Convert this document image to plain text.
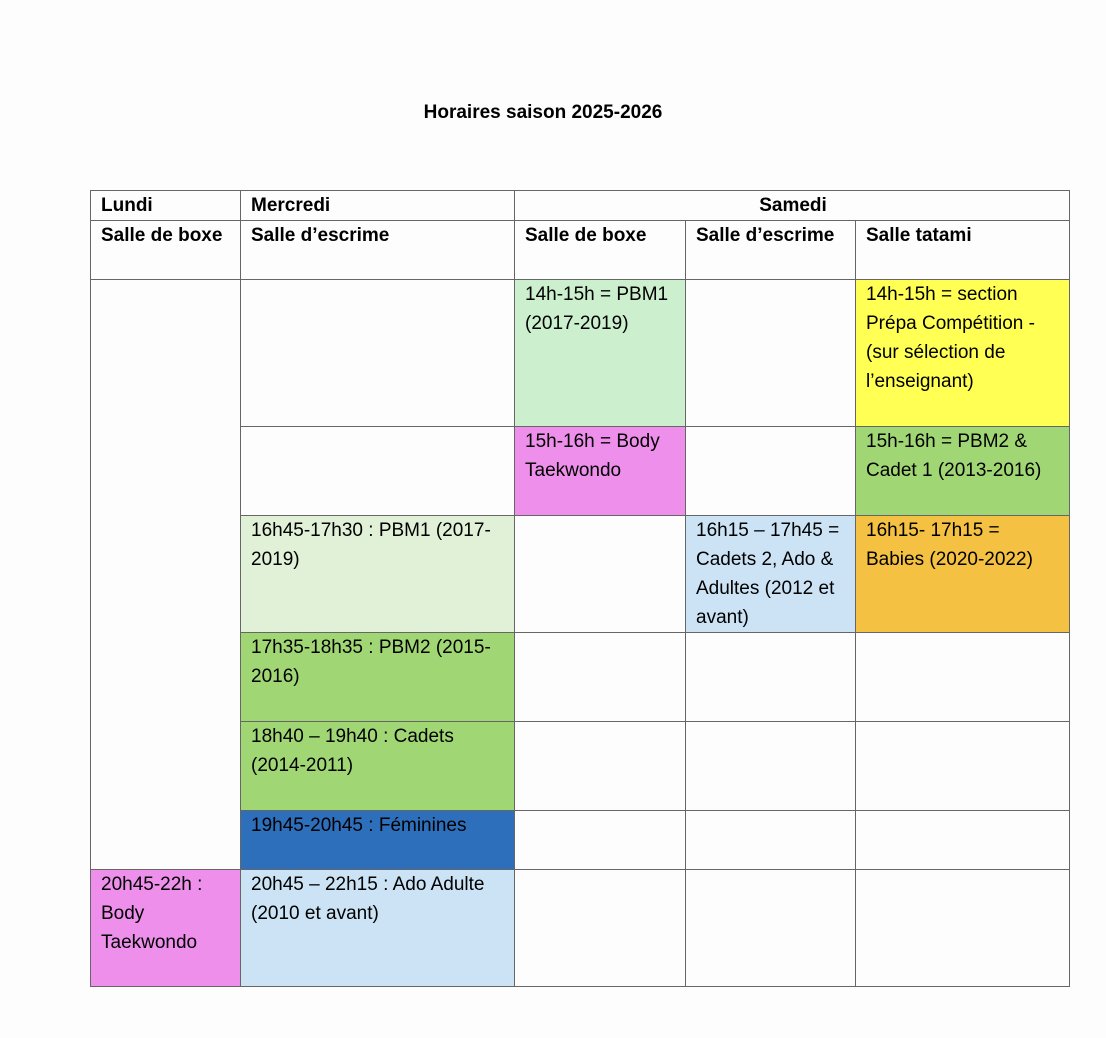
Horaires saison 2025-2026
Lundi	Mercredi	Samedi		
Salle de boxe	Salle d’escrime	Salle de boxe	Salle d’escrime	Salle tatami
		14h-15h = PBM1 (2017-2019)		14h-15h = section Prépa Compétition - (sur sélection de l’enseignant)
		15h-16h = Body Taekwondo		15h-16h = PBM2 & Cadet 1 (2013-2016)
	16h45-17h30 : PBM1 (2017-2019)		16h15 – 17h45 = Cadets 2, Ado & Adultes (2012 et avant)	16h15- 17h15 = Babies (2020-2022)
	17h35-18h35 : PBM2 (2015-2016)			
	18h40 – 19h40 : Cadets (2014-2011)			
	19h45-20h45 : Féminines			
20h45-22h : Body Taekwondo	20h45 – 22h15 : Ado Adulte (2010 et avant)			
